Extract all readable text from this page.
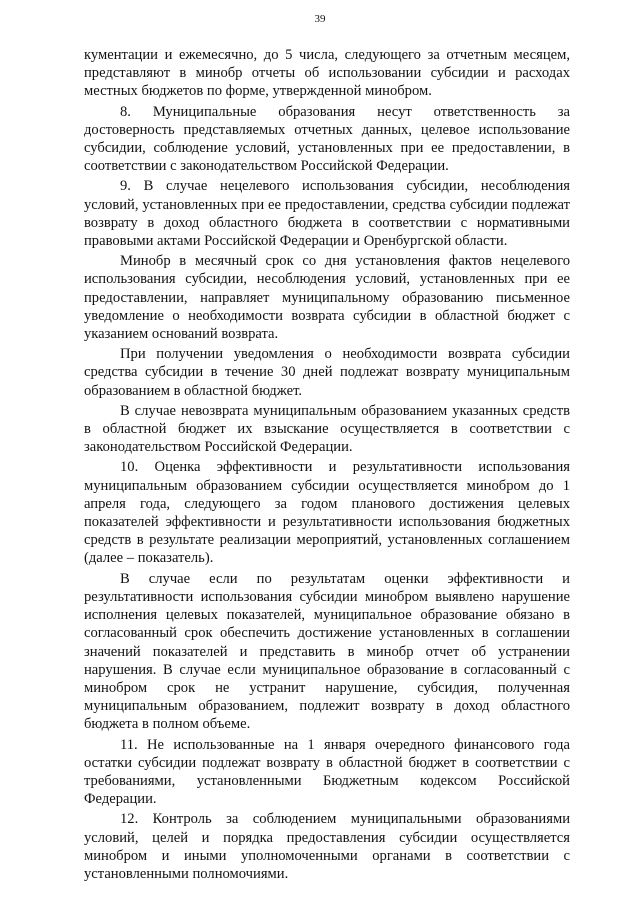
39

кументации и ежемесячно, до 5 числа, следующего за отчетным месяцем, представляют в минобр отчеты об использовании субсидии и расходах местных бюджетов по форме, утвержденной минобром.

8. Муниципальные образования несут ответственность за достоверность представляемых отчетных данных, целевое использование субсидии, соблюдение условий, установленных при ее предоставлении, в соответствии с законодательством Российской Федерации.

9. В случае нецелевого использования субсидии, несоблюдения условий, установленных при ее предоставлении, средства субсидии подлежат возврату в доход областного бюджета в соответствии с нормативными правовыми актами Российской Федерации и Оренбургской области.

Минобр в месячный срок со дня установления фактов нецелевого использования субсидии, несоблюдения условий, установленных при ее предоставлении, направляет муниципальному образованию письменное уведомление о необходимости возврата субсидии в областной бюджет с указанием оснований возврата.

При получении уведомления о необходимости возврата субсидии средства субсидии в течение 30 дней подлежат возврату муниципальным образованием в областной бюджет.

В случае невозврата муниципальным образованием указанных средств в областной бюджет их взыскание осуществляется в соответствии с законодательством Российской Федерации.

10. Оценка эффективности и результативности использования муниципальным образованием субсидии осуществляется минобром до 1 апреля года, следующего за годом планового достижения целевых показателей эффективности и результативности использования бюджетных средств в результате реализации мероприятий, установленных соглашением (далее – показатель).

В случае если по результатам оценки эффективности и результативности использования субсидии минобром выявлено нарушение исполнения целевых показателей, муниципальное образование обязано в согласованный срок обеспечить достижение установленных в соглашении значений показателей и представить в минобр отчет об устранении нарушения. В случае если муниципальное образование в согласованный с минобром срок не устранит нарушение, субсидия, полученная муниципальным образованием, подлежит возврату в доход областного бюджета в полном объеме.

11. Не использованные на 1 января очередного финансового года остатки субсидии подлежат возврату в областной бюджет в соответствии с требованиями, установленными Бюджетным кодексом Российской Федерации.

12. Контроль за соблюдением муниципальными образованиями условий, целей и порядка предоставления субсидии осуществляется минобром и иными уполномоченными органами в соответствии с установленными полномочиями.
